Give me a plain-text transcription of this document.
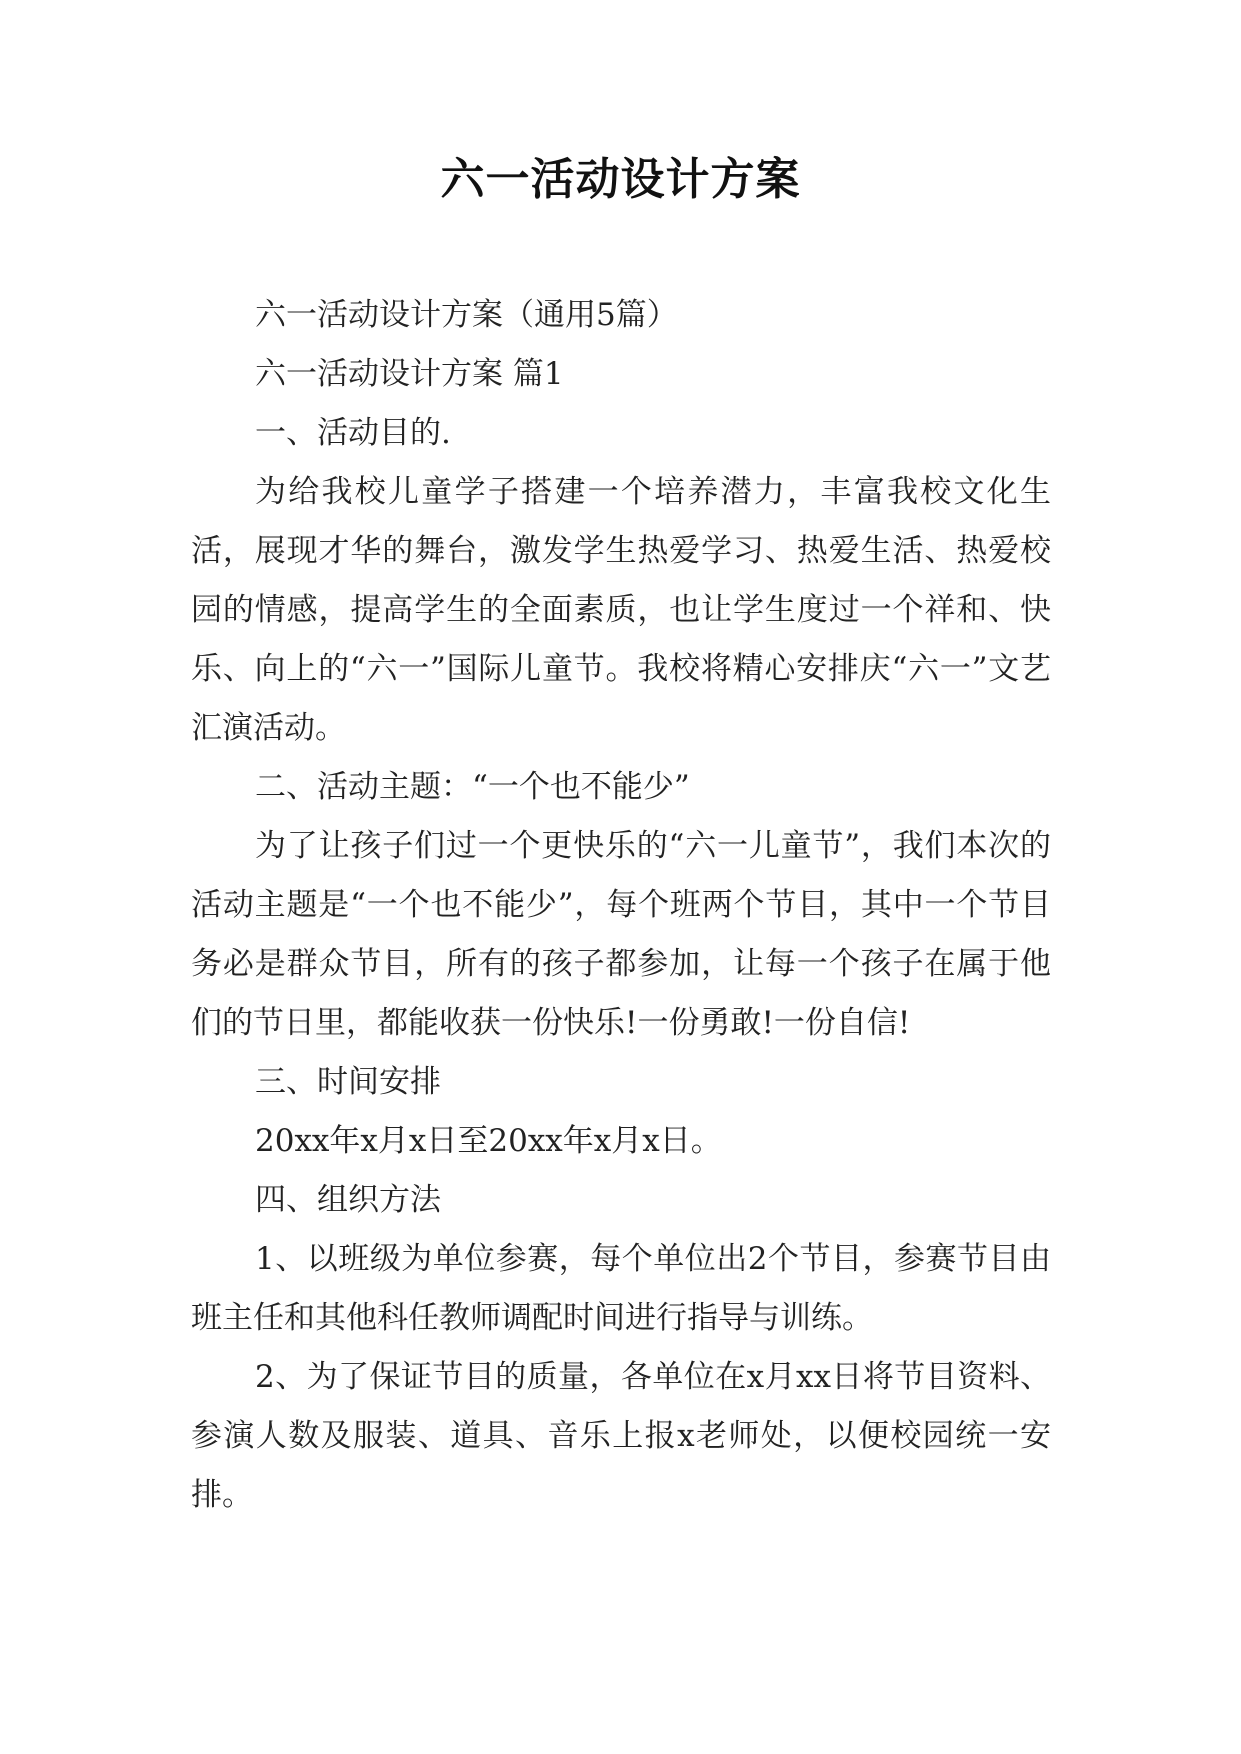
六一活动设计方案

六一活动设计方案（通用5篇）

六一活动设计方案 篇1

一、活动目的.

为给我校儿童学子搭建一个培养潜力，丰富我校文化生活，展现才华的舞台，激发学生热爱学习、热爱生活、热爱校园的情感，提高学生的全面素质，也让学生度过一个祥和、快乐、向上的“六一”国际儿童节。我校将精心安排庆“六一”文艺汇演活动。

二、活动主题：“一个也不能少”

为了让孩子们过一个更快乐的“六一儿童节”，我们本次的活动主题是“一个也不能少”，每个班两个节目，其中一个节目务必是群众节目，所有的孩子都参加，让每一个孩子在属于他们的节日里，都能收获一份快乐!一份勇敢!一份自信!

三、时间安排

20xx年x月x日至20xx年x月x日。

四、组织方法

1、以班级为单位参赛，每个单位出2个节目，参赛节目由班主任和其他科任教师调配时间进行指导与训练。

2、为了保证节目的质量，各单位在x月xx日将节目资料、参演人数及服装、道具、音乐上报x老师处，以便校园统一安排。
